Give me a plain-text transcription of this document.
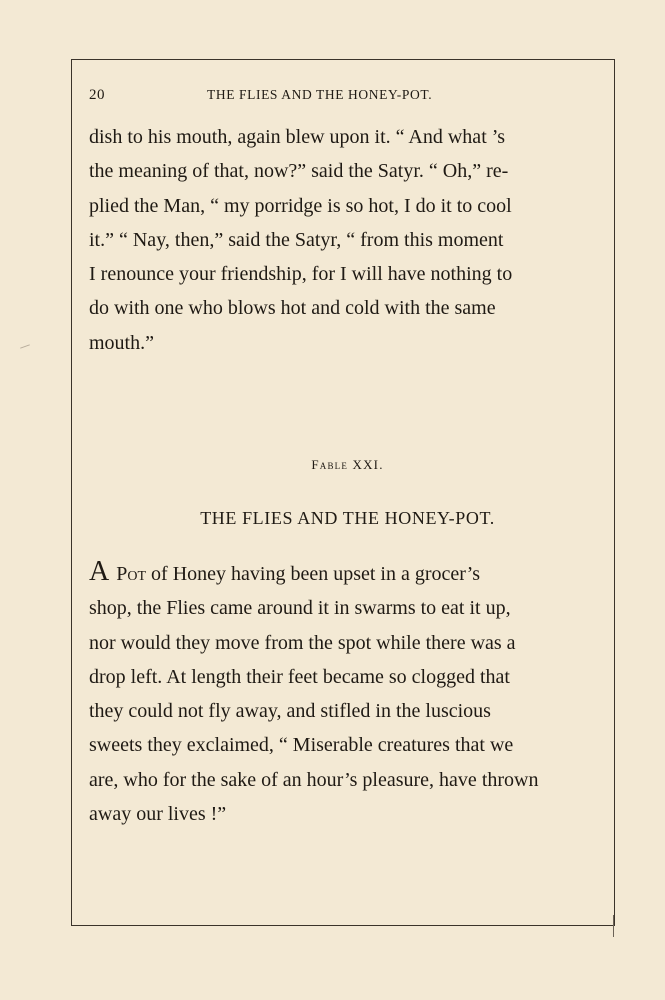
20	THE FLIES AND THE HONEY-POT.

dish to his mouth, again blew upon it. “ And what ’s
the meaning of that, now?” said the Satyr. “ Oh,” re-
plied the Man, “ my porridge is so hot, I do it to cool
it.” “ Nay, then,” said the Satyr, “ from this moment
I renounce your friendship, for I will have nothing to
do with one who blows hot and cold with the same
mouth.”

Fable XXI.
THE FLIES AND THE HONEY-POT.

A Pot of Honey having been upset in a grocer’s
shop, the Flies came around it in swarms to eat it up,
nor would they move from the spot while there was a
drop left. At length their feet became so clogged that
they could not fly away, and stifled in the luscious
sweets they exclaimed, “ Miserable creatures that we
are, who for the sake of an hour’s pleasure, have thrown
away our lives !”
